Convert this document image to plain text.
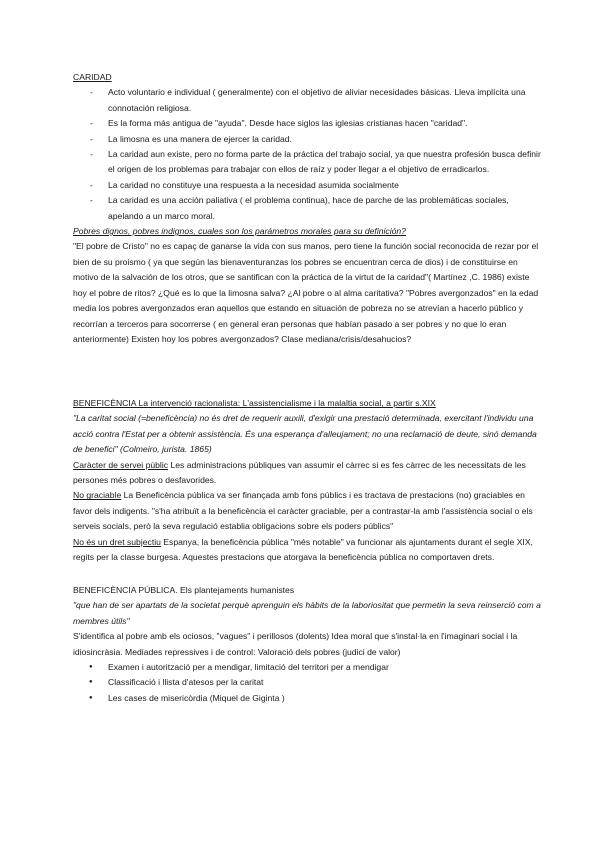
CARIDAD

- Acto voluntario e individual ( generalmente) con el objetivo de aliviar necesidades básicas. Lleva implícita una connotación religiosa.
- Es la forma más antigua de "ayuda". Desde hace siglos las iglesias cristianas hacen "caridad".
- La limosna es una manera de ejercer la caridad.
- La caridad aun existe, pero no forma parte de la práctica del trabajo social, ya que nuestra profesión busca definir el origen de los problemas para trabajar con ellos de raíz y poder llegar a el objetivo de erradicarlos.
- La caridad no constituye una respuesta a la necesidad asumida socialmente
- La caridad es una acción paliativa ( el problema continua), hace de parche de las problemáticas sociales, apelando a un marco moral.

Pobres dignos, pobres indignos, cuales son los parámetros morales para su definición?

"El pobre de Cristo" no es capaç de ganarse la vida con sus manos, pero tiene la función social reconocida de rezar por el bien de su proismo ( ya que según las bienaventuranzas los pobres se encuentran cerca de dios) i de constituirse en motivo de la salvación de los otros, que se santifican con la práctica de la virtut de la caridad"( Martínez ,C. 1986) existe hoy el pobre de ritos? ¿Qué es lo que la limosna salva? ¿Al pobre o al alma caritativa? "Pobres avergonzados" en la edad media los pobres avergonzados eran aquellos que estando en situación de pobreza no se atrevían a hacerlo público y recorrían a terceros para socorrerse ( en general eran personas que habían pasado a ser pobres y no que lo eran anteriormente) Existen hoy los pobres avergonzados? Clase mediana/crisis/desahucios?

BENEFICÈNCIA La intervenció racionalista: L'assistencialisme i la malaltia social, a partir s.XIX

"La caritat social (=beneficència) no és dret de requerir auxili, d'exigir una prestació determinada, exercitant l'individu una acció contra l'Estat per a obtenir assistència. És una esperança d'alleujament; no una reclamació de deute, sinó demanda de benefici" (Colmeiro, jurista. 1865)

Caràcter de servei públic Les administracions públiques van assumir el càrrec si es fes càrrec de les necessitats de les persones més pobres o desfavorides.

No graciable La Beneficència pública va ser finançada amb fons públics i es tractava de prestacions (no) graciables en favor dels indigents. "s'ha atribuït a la beneficència el caràcter graciable, per a contrastar-la amb l'assistència social o els serveis socials, però la seva regulació establia obligacions sobre els poders públics"

No és un dret subjectiu Espanya, la beneficència pública "més notable" va funcionar als ajuntaments durant el segle XIX, regits per la classe burgesa. Aquestes prestacions que atorgava la beneficència pública no comportaven drets.

BENEFICÈNCIA PÚBLICA. Els plantejaments humanistes

"que han de ser apartats de la societat perquè aprenguin els hàbits de la laboriositat que permetin la seva reinserció com a membres útils"

S'identifica al pobre amb els ociosos, "vagues" i perillosos (dolents) Idea moral que s'instal·la en l'imaginari social i la idiosincràsia. Mediades repressives i de control: Valoració dels pobres (judici de valor)

● Examen i autorització per a mendigar, limitació del territori per a mendigar
● Classificació i llista d'atesos per la caritat
● Les cases de misericòrdia (Miquel de Giginta )
